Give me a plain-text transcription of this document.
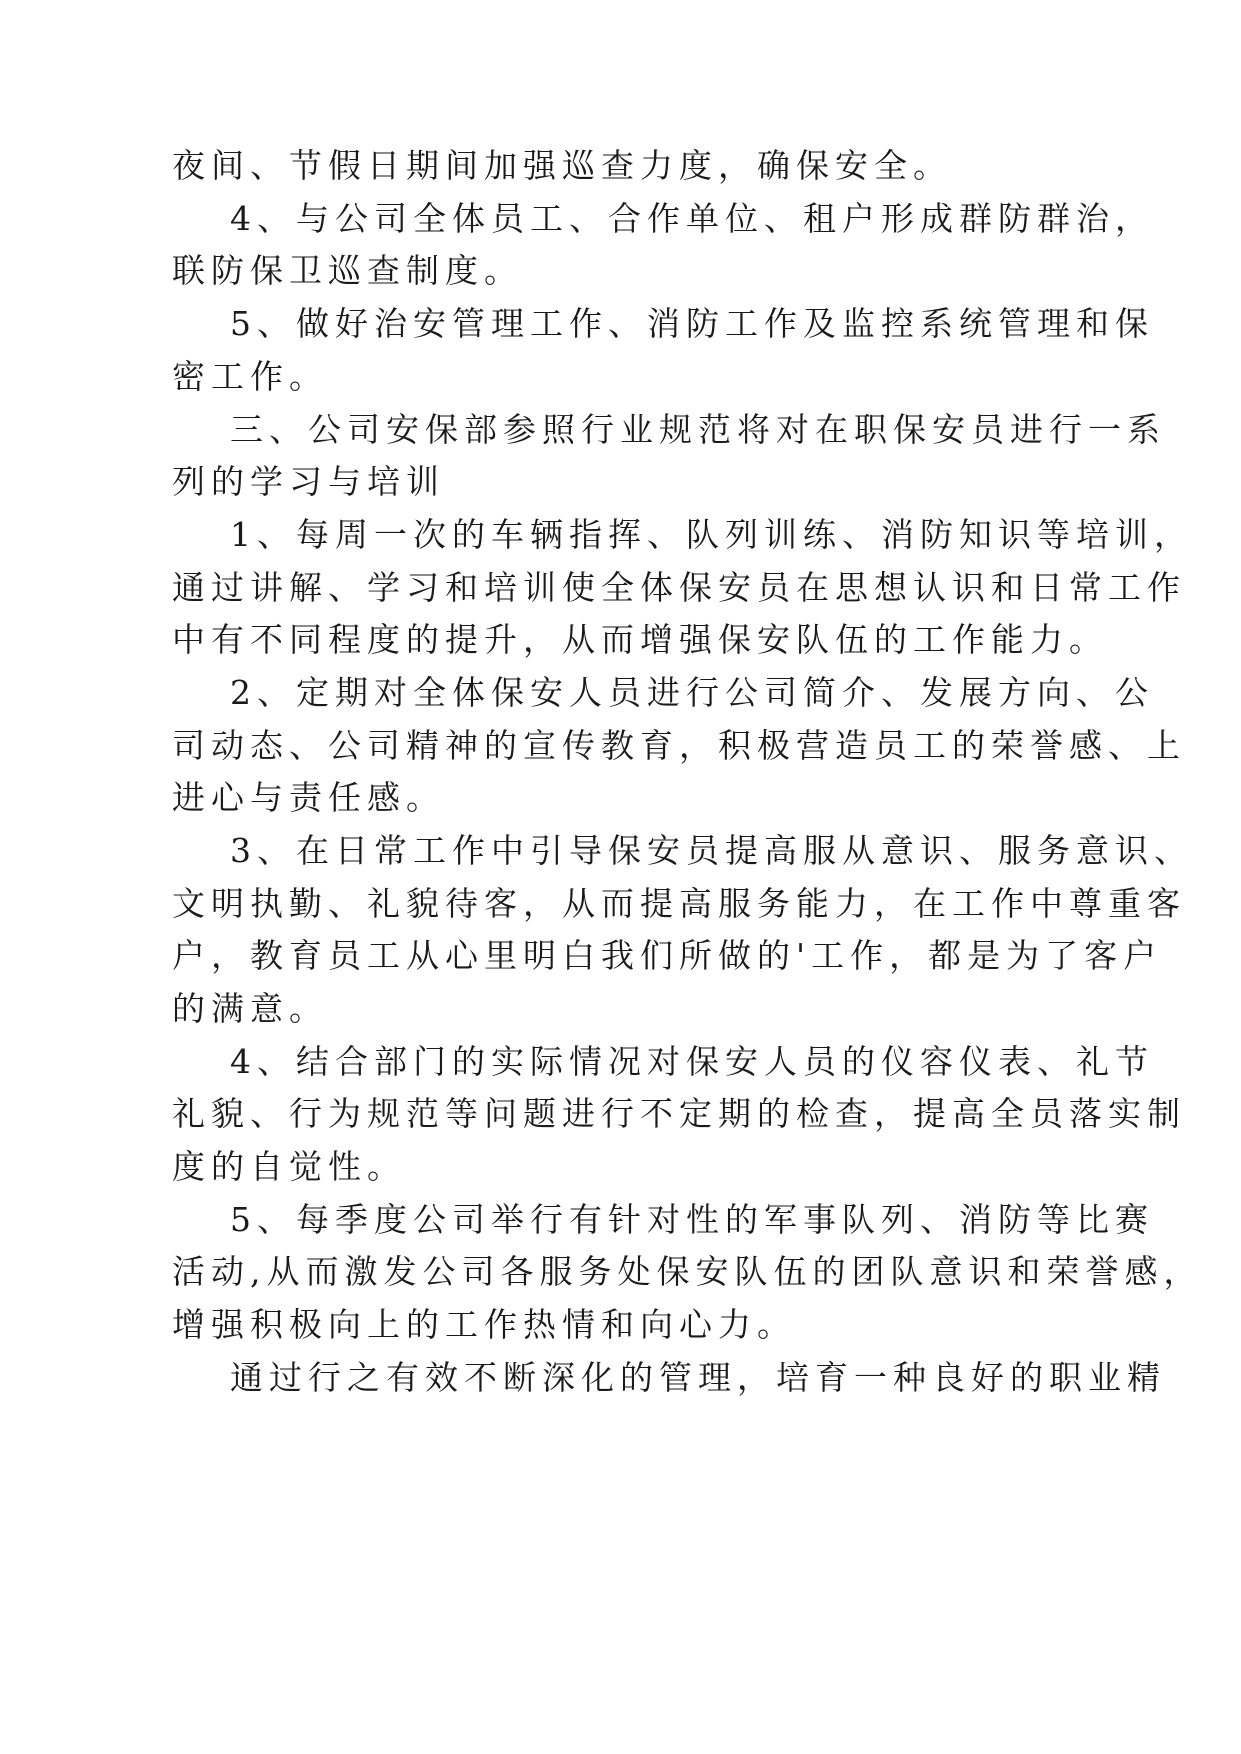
夜间、节假日期间加强巡查力度，确保安全。
4、与公司全体员工、合作单位、租户形成群防群治，
联防保卫巡查制度。
5、做好治安管理工作、消防工作及监控系统管理和保
密工作。
三、公司安保部参照行业规范将对在职保安员进行一系
列的学习与培训
1、每周一次的车辆指挥、队列训练、消防知识等培训，
通过讲解、学习和培训使全体保安员在思想认识和日常工作
中有不同程度的提升，从而增强保安队伍的工作能力。
2、定期对全体保安人员进行公司简介、发展方向、公
司动态、公司精神的宣传教育，积极营造员工的荣誉感、上
进心与责任感。
3、在日常工作中引导保安员提高服从意识、服务意识、
文明执勤、礼貌待客，从而提高服务能力，在工作中尊重客
户，教育员工从心里明白我们所做的'工作，都是为了客户
的满意。
4、结合部门的实际情况对保安人员的仪容仪表、礼节
礼貌、行为规范等问题进行不定期的检查，提高全员落实制
度的自觉性。
5、每季度公司举行有针对性的军事队列、消防等比赛
活动,从而激发公司各服务处保安队伍的团队意识和荣誉感，
增强积极向上的工作热情和向心力。
通过行之有效不断深化的管理，培育一种良好的职业精
